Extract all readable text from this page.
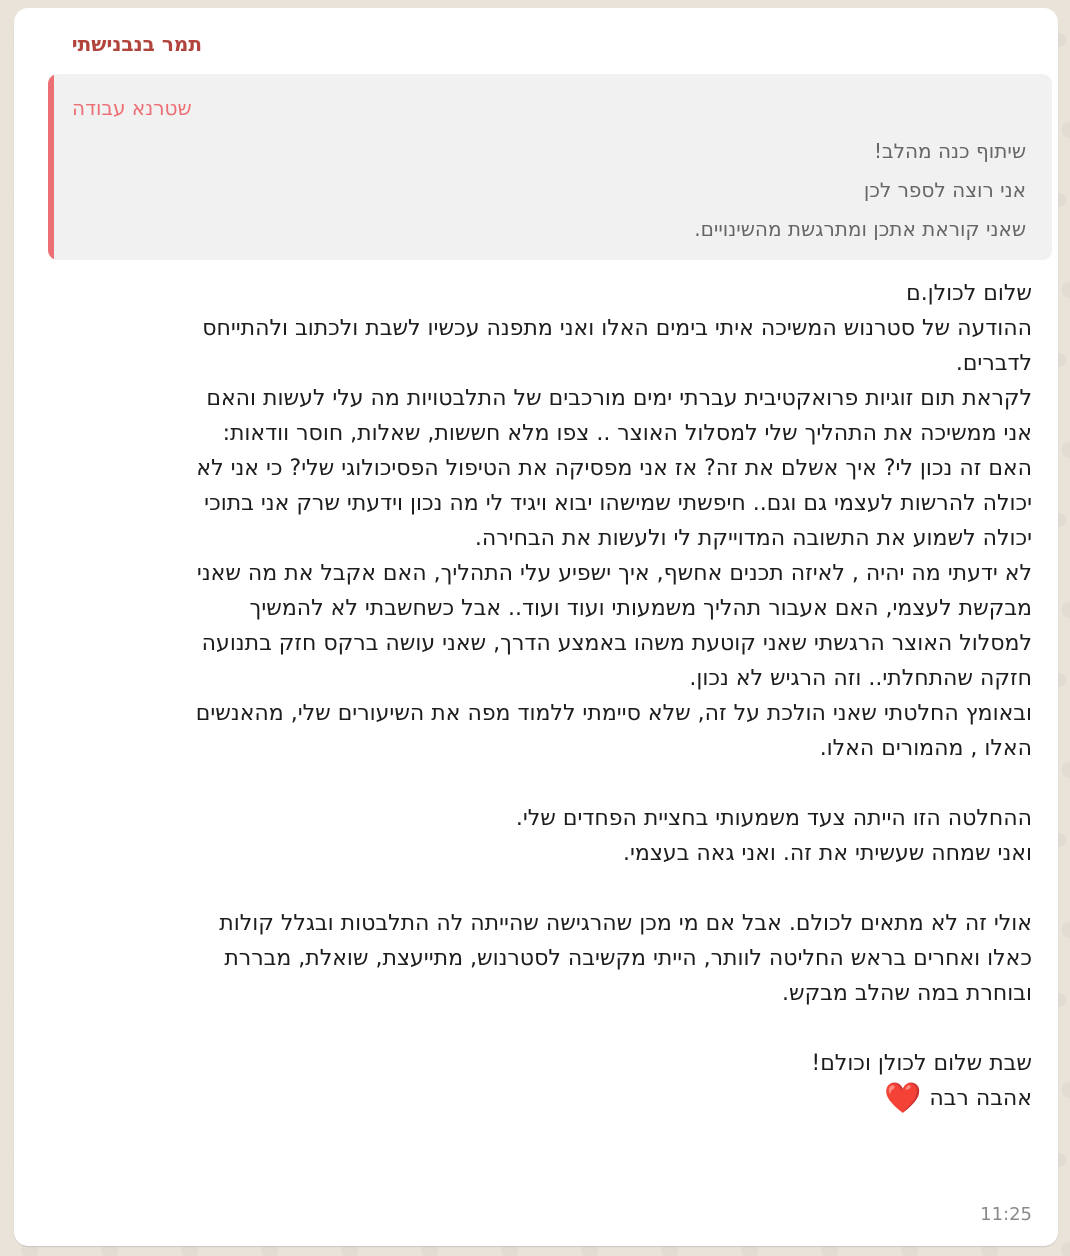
תמר בנבנישתי
שטרנא עבודה
שיתוף כנה מהלב!
אני רוצה לספר לכן
שאני קוראת אתכן ומתרגשת מהשינויים.
שלום לכולן.ם
ההודעה של סטרנוש המשיכה איתי בימים האלו ואני מתפנה עכשיו לשבת ולכתוב ולהתייחס
לדברים.
לקראת תום זוגיות פרואקטיבית עברתי ימים מורכבים של התלבטויות מה עלי לעשות והאם
אני ממשיכה את התהליך שלי למסלול האוצר .. צפו מלא חששות, שאלות, חוסר וודאות:
האם זה נכון לי? איך אשלם את זה? אז אני מפסיקה את הטיפול הפסיכולוגי שלי? כי אני לא
יכולה להרשות לעצמי גם וגם.. חיפשתי שמישהו יבוא ויגיד לי מה נכון וידעתי שרק אני בתוכי
יכולה לשמוע את התשובה המדוייקת לי ולעשות את הבחירה.
לא ידעתי מה יהיה , לאיזה תכנים אחשף, איך ישפיע עלי התהליך, האם אקבל את מה שאני
מבקשת לעצמי, האם אעבור תהליך משמעותי ועוד ועוד.. אבל כשחשבתי לא להמשיך
למסלול האוצר הרגשתי שאני קוטעת משהו באמצע הדרך, שאני עושה ברקס חזק בתנועה
חזקה שהתחלתי.. וזה הרגיש לא נכון.
ובאומץ החלטתי שאני הולכת על זה, שלא סיימתי ללמוד מפה את השיעורים שלי, מהאנשים
האלו , מהמורים האלו.
ההחלטה הזו הייתה צעד משמעותי בחציית הפחדים שלי.
ואני שמחה שעשיתי את זה. ואני גאה בעצמי.
אולי זה לא מתאים לכולם. אבל אם מי מכן שהרגישה שהייתה לה התלבטות ובגלל קולות
כאלו ואחרים בראש החליטה לוותר, הייתי מקשיבה לסטרנוש, מתייעצת, שואלת, מבררת
ובוחרת במה שהלב מבקש.
שבת שלום לכולן וכולם!
אהבה רבה❤️
11:25
